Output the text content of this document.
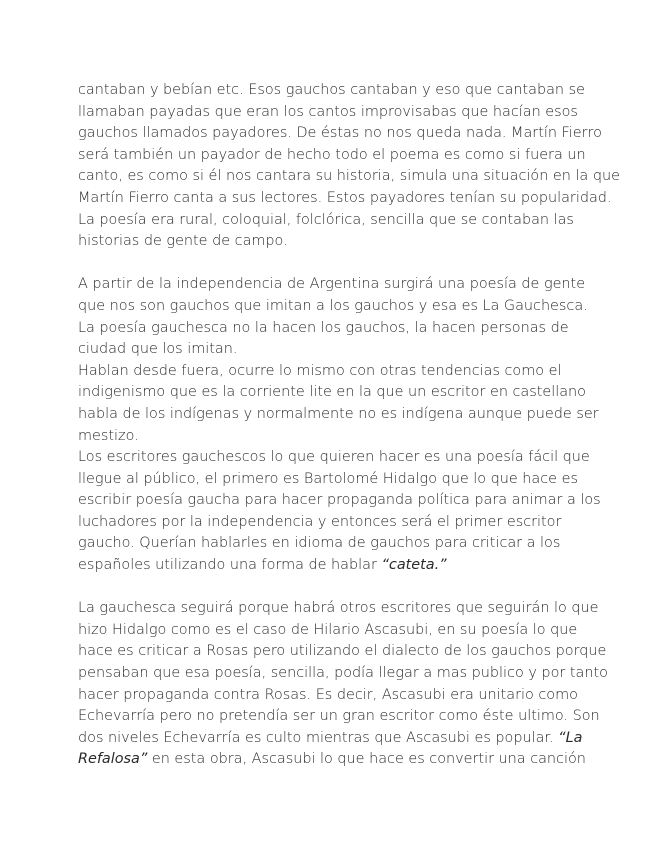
cantaban y bebían etc. Esos gauchos cantaban y eso que cantaban se
llamaban payadas que eran los cantos improvisabas que hacían esos
gauchos llamados payadores. De éstas no nos queda nada. Martín Fierro
será también un payador de hecho todo el poema es como si fuera un
canto, es como si él nos cantara su historia, simula una situación en la que
Martín Fierro canta a sus lectores. Estos payadores tenían su popularidad.
La poesía era rural, coloquial, folclórica, sencilla que se contaban las
historias de gente de campo.

A partir de la independencia de Argentina surgirá una poesía de gente
que nos son gauchos que imitan a los gauchos y esa es La Gauchesca.
La poesía gauchesca no la hacen los gauchos, la hacen personas de
ciudad que los imitan.
Hablan desde fuera, ocurre lo mismo con otras tendencias como el
indigenismo que es la corriente lite en la que un escritor en castellano
habla de los indígenas y normalmente no es indígena aunque puede ser
mestizo.
Los escritores gauchescos lo que quieren hacer es una poesía fácil que
llegue al público, el primero es Bartolomé Hidalgo que lo que hace es
escribir poesía gaucha para hacer propaganda política para animar a los
luchadores por la independencia y entonces será el primer escritor
gaucho. Querían hablarles en idioma de gauchos para criticar a los
españoles utilizando una forma de hablar “cateta.”

La gauchesca seguirá porque habrá otros escritores que seguirán lo que
hizo Hidalgo como es el caso de Hilario Ascasubi, en su poesía lo que
hace es criticar a Rosas pero utilizando el dialecto de los gauchos porque
pensaban que esa poesía, sencilla, podía llegar a mas publico y por tanto
hacer propaganda contra Rosas. Es decir, Ascasubi era unitario como
Echevarría pero no pretendía ser un gran escritor como éste ultimo. Son
dos niveles Echevarría es culto mientras que Ascasubi es popular. “La
Refalosa” en esta obra, Ascasubi lo que hace es convertir una canción
